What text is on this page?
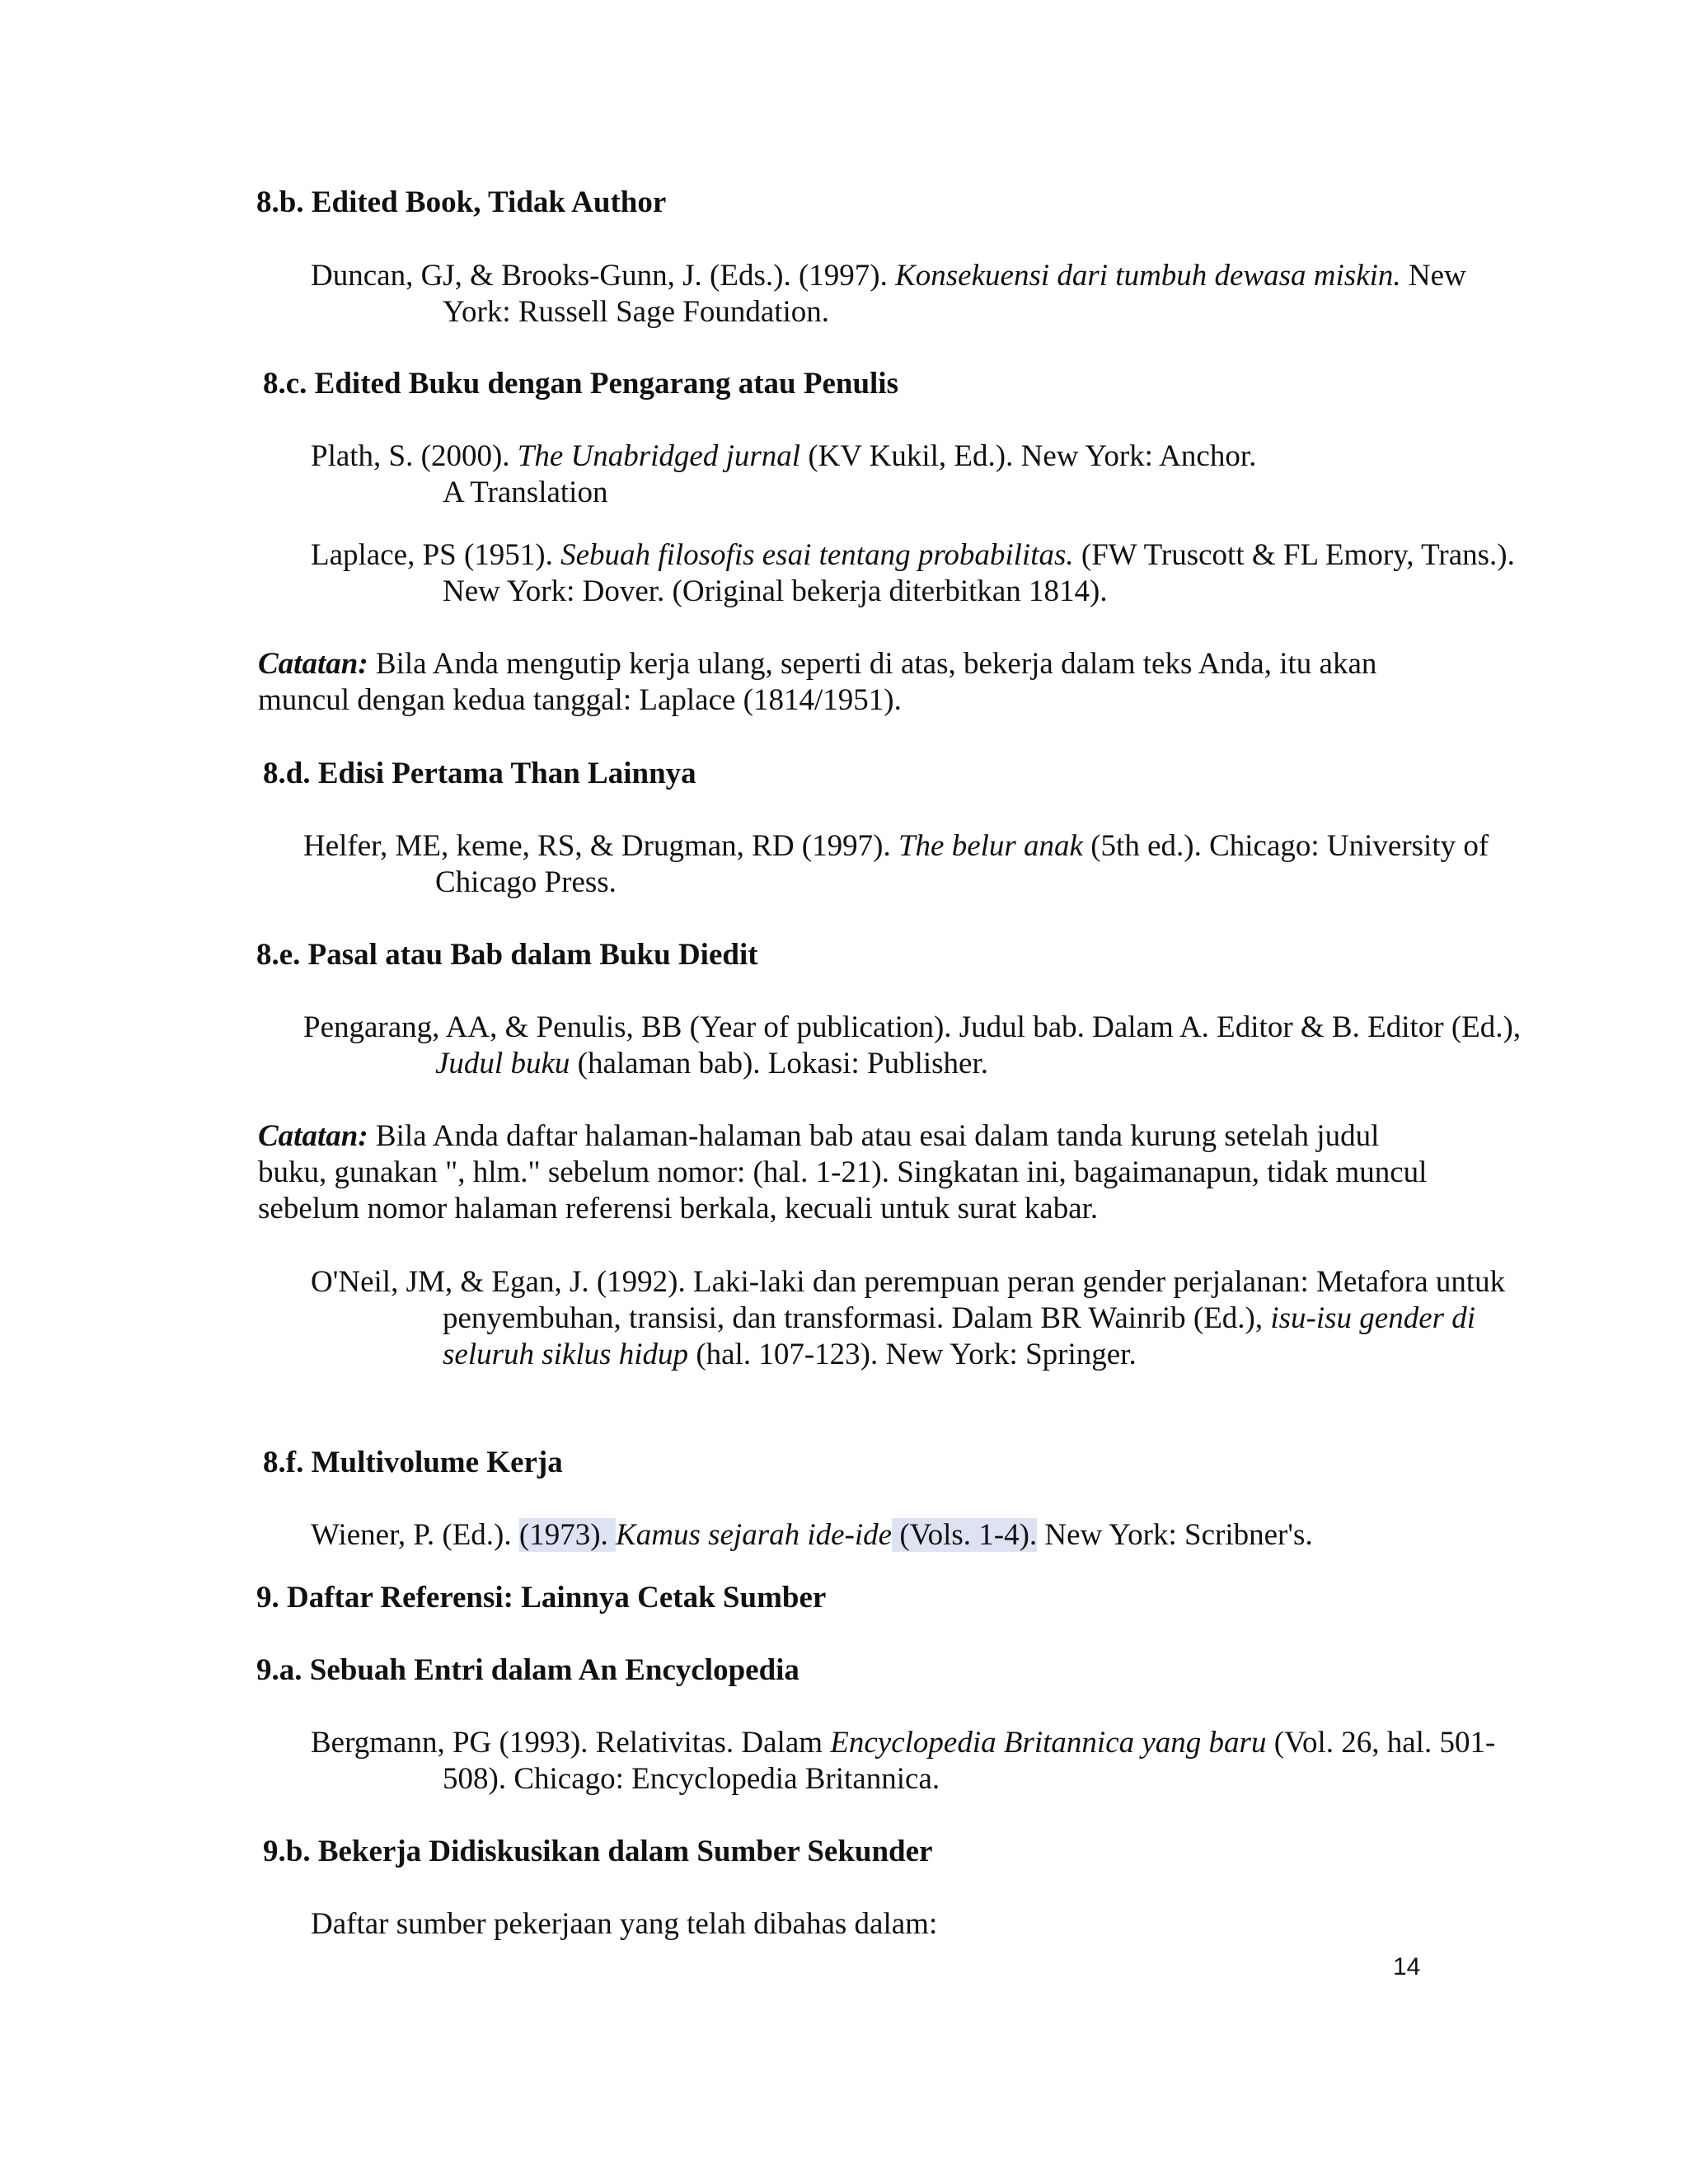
8.b. Edited Book, Tidak Author
Duncan, GJ, & Brooks-Gunn, J. (Eds.). (1997). Konsekuensi dari tumbuh dewasa miskin. New York: Russell Sage Foundation.
8.c. Edited Buku dengan Pengarang atau Penulis
Plath, S. (2000). The Unabridged jurnal (KV Kukil, Ed.). New York: Anchor.
A Translation
Laplace, PS (1951). Sebuah filosofis esai tentang probabilitas. (FW Truscott & FL Emory, Trans.). New York: Dover. (Original bekerja diterbitkan 1814).
Catatan: Bila Anda mengutip kerja ulang, seperti di atas, bekerja dalam teks Anda, itu akan muncul dengan kedua tanggal: Laplace (1814/1951).
8.d. Edisi Pertama Than Lainnya
Helfer, ME, keme, RS, & Drugman, RD (1997). The belur anak (5th ed.). Chicago: University of Chicago Press.
8.e. Pasal atau Bab dalam Buku Diedit
Pengarang, AA, & Penulis, BB (Year of publication). Judul bab. Dalam A. Editor & B. Editor (Ed.), Judul buku (halaman bab). Lokasi: Publisher.
Catatan: Bila Anda daftar halaman-halaman bab atau esai dalam tanda kurung setelah judul buku, gunakan ", hlm." sebelum nomor: (hal. 1-21). Singkatan ini, bagaimanapun, tidak muncul sebelum nomor halaman referensi berkala, kecuali untuk surat kabar.
O'Neil, JM, & Egan, J. (1992). Laki-laki dan perempuan peran gender perjalanan: Metafora untuk penyembuhan, transisi, dan transformasi. Dalam BR Wainrib (Ed.), isu-isu gender di seluruh siklus hidup (hal. 107-123). New York: Springer.
8.f. Multivolume Kerja
Wiener, P. (Ed.). (1973). Kamus sejarah ide-ide (Vols. 1-4). New York: Scribner's.
9. Daftar Referensi: Lainnya Cetak Sumber
9.a. Sebuah Entri dalam An Encyclopedia
Bergmann, PG (1993). Relativitas. Dalam Encyclopedia Britannica yang baru (Vol. 26, hal. 501-508). Chicago: Encyclopedia Britannica.
9.b. Bekerja Didiskusikan dalam Sumber Sekunder
Daftar sumber pekerjaan yang telah dibahas dalam:
14
